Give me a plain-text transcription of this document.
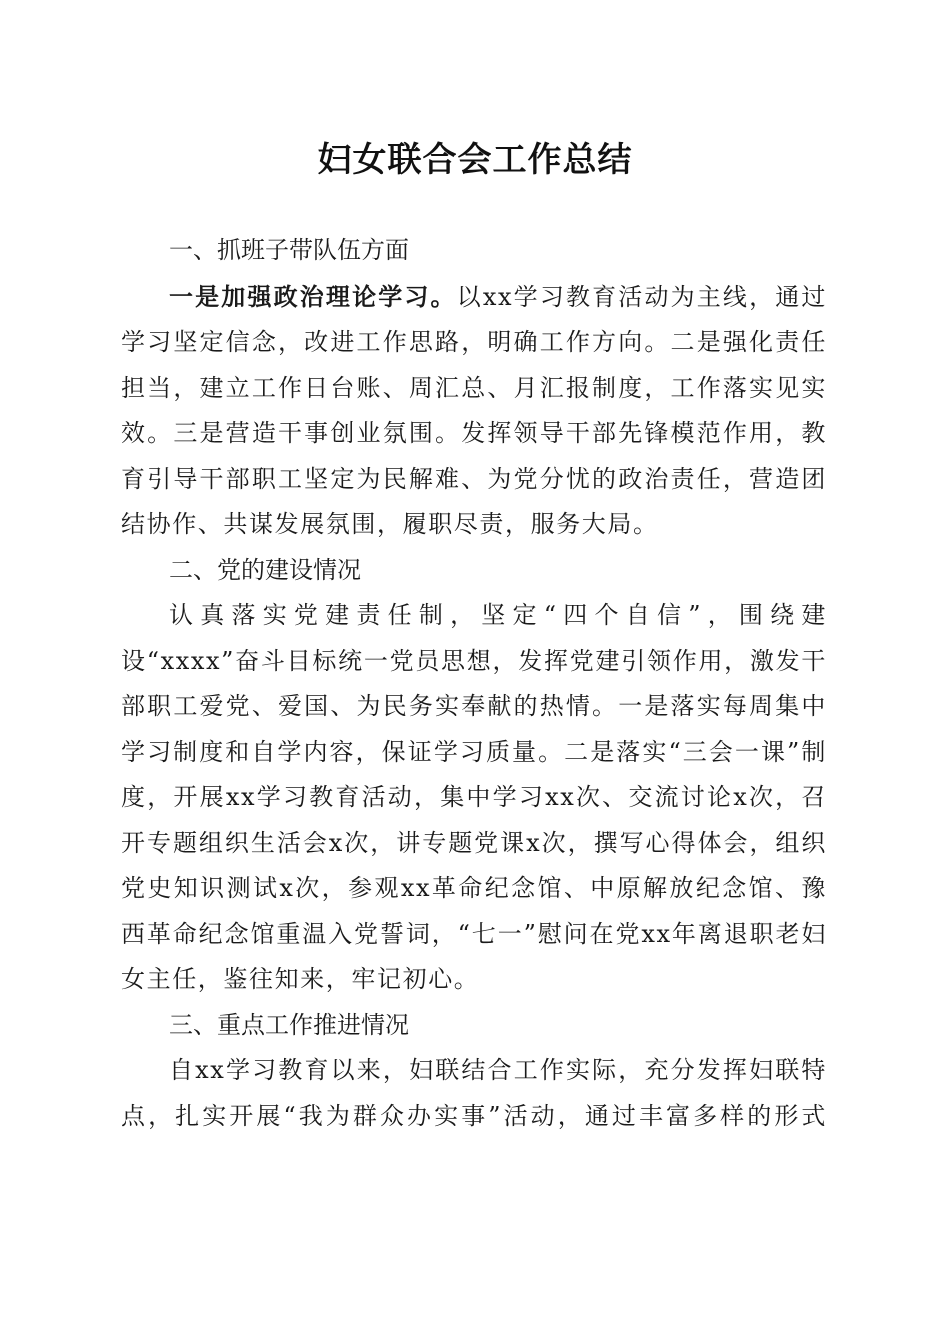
妇女联合会工作总结

一、抓班子带队伍方面

一是加强政治理论学习。以xx学习教育活动为主线，通过学习坚定信念，改进工作思路，明确工作方向。二是强化责任担当，建立工作日台账、周汇总、月汇报制度，工作落实见实效。三是营造干事创业氛围。发挥领导干部先锋模范作用，教育引导干部职工坚定为民解难、为党分忧的政治责任，营造团结协作、共谋发展氛围，履职尽责，服务大局。

二、党的建设情况

认真落实党建责任制，坚定“四个自信”，围绕建设“xxxx”奋斗目标统一党员思想，发挥党建引领作用，激发干部职工爱党、爱国、为民务实奉献的热情。一是落实每周集中学习制度和自学内容，保证学习质量。二是落实“三会一课”制度，开展xx学习教育活动，集中学习xx次、交流讨论x次，召开专题组织生活会x次，讲专题党课x次，撰写心得体会，组织党史知识测试x次，参观xx革命纪念馆、中原解放纪念馆、豫西革命纪念馆重温入党誓词，“七一”慰问在党xx年离退职老妇女主任，鉴往知来，牢记初心。

三、重点工作推进情况

自xx学习教育以来，妇联结合工作实际，充分发挥妇联特点，扎实开展“我为群众办实事”活动，通过丰富多样的形式
